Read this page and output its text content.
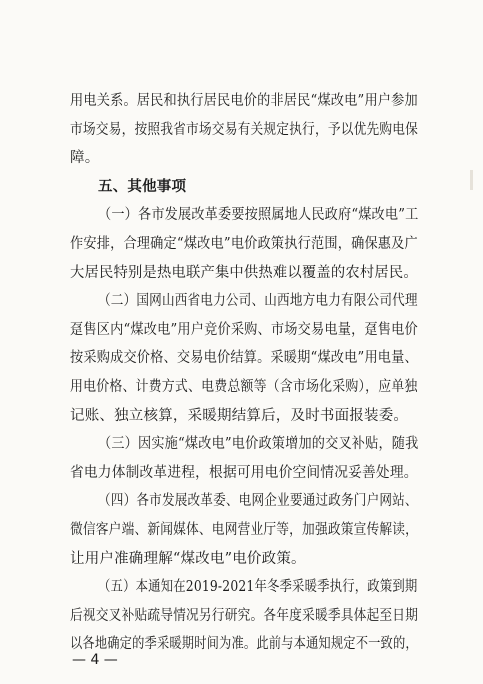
用电关系。居民和执行居民电价的非居民“煤改电”用户参加
市场交易，按照我省市场交易有关规定执行，予以优先购电保
障。
五、其他事项
（一）各市发展改革委要按照属地人民政府“煤改电”工
作安排，合理确定“煤改电”电价政策执行范围，确保惠及广
大居民特别是热电联产集中供热难以覆盖的农村居民。
（二）国网山西省电力公司、山西地方电力有限公司代理
趸售区内“煤改电”用户竞价采购、市场交易电量，趸售电价
按采购成交价格、交易电价结算。采暖期“煤改电”用电量、
用电价格、计费方式、电费总额等（含市场化采购），应单独
记账、独立核算，采暖期结算后，及时书面报装委。
（三）因实施“煤改电”电价政策增加的交叉补贴，随我
省电力体制改革进程，根据可用电价空间情况妥善处理。
（四）各市发展改革委、电网企业要通过政务门户网站、
微信客户端、新闻媒体、电网营业厅等，加强政策宣传解读，
让用户准确理解“煤改电”电价政策。
（五）本通知在2019-2021年冬季采暖季执行，政策到期
后视交叉补贴疏导情况另行研究。各年度采暖季具体起至日期
以各地确定的季采暖期时间为准。此前与本通知规定不一致的，
— 4 —
